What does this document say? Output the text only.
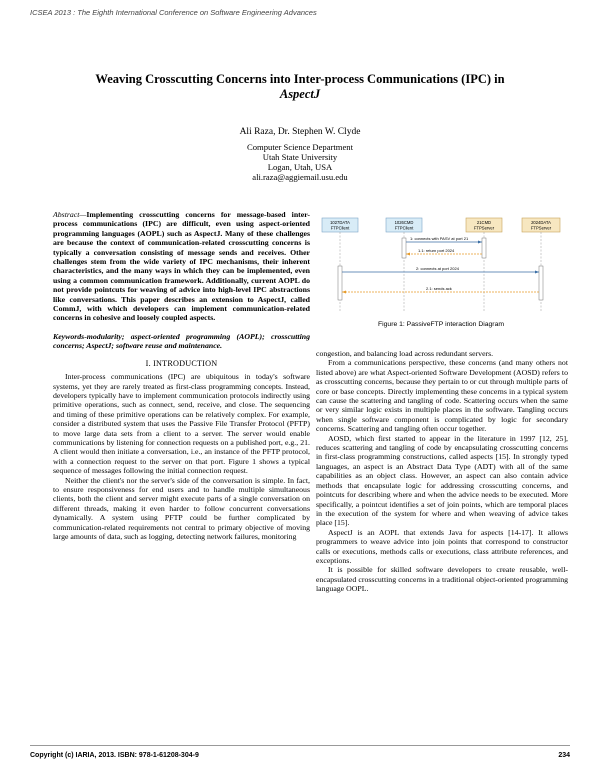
ICSEA 2013 : The Eighth International Conference on Software Engineering Advances
Weaving Crosscutting Concerns into Inter-process Communications (IPC) in
AspectJ
Ali Raza, Dr. Stephen W. Clyde
Computer Science Department
Utah State University
Logan, Utah, USA
ali.raza@aggiemail.usu.edu

Abstract—Implementing crosscutting concerns for message-based inter-process communications (IPC) are difficult, even using aspect-oriented programming languages (AOPL) such as AspectJ. Many of these challenges are because the context of communication-related crosscutting concerns is typically a conversation consisting of message sends and receives. Other challenges stem from the wide variety of IPC mechanisms, their inherent characteristics, and the many ways in which they can be implemented, even using a common communication framework. Additionally, current AOPL do not provide pointcuts for weaving of advice into high-level IPC abstractions like conversations. This paper describes an extension to AspectJ, called CommJ, with which developers can implement communication-related concerns in cohesive and loosely coupled aspects.

Keywords-modularity; aspect-oriented programming (AOPL); crosscutting concerns; AspectJ; software reuse and maintenance.

I. INTRODUCTION

Inter-process communications (IPC) are ubiquitous in today's software systems, yet they are rarely treated as first-class programming concepts. Instead, developers typically have to implement communication protocols indirectly using primitive operations, such as connect, send, receive, and close. The sequencing and timing of these primitive operations can be relatively complex. For example, consider a distributed system that uses the Passive File Transfer Protocol (PFTP) to move large data sets from a client to a server. The server would enable communications by listening for connection requests on a published port, e.g., 21. A client would then initiate a conversation, i.e., an instance of the PFTP protocol, with a connection request to the server on that port. Figure 1 shows a typical sequence of messages following the initial connection request.

Neither the client's nor the server's side of the conversation is simple. In fact, to ensure responsiveness for end users and to handle multiple simultaneous clients, both the client and server might execute parts of a single conversation on different threads, making it even harder to follow concurrent conversations dynamically. A system using PFTP could be further complicated by communication-related requirements not central to primary objective of moving large amounts of data, such as logging, detecting network failures, monitoring

1027DATA
FTPClient
1026CMD
FTPClient
21CMD
FTPServer
2024DATA
FTPServer
1: connects with PASV at port 21
1.1: return port 2024
2: connects at port 2024
2.1: sends ack
Figure 1: PassiveFTP interaction Diagram

congestion, and balancing load across redundant servers.

From a communications perspective, these concerns (and many others not listed above) are what Aspect-oriented Software Development (AOSD) refers to as crosscutting concerns, because they pertain to or cut through multiple parts of core or base concepts. Directly implementing these concerns in a typical system can cause the scattering and tangling of code. Scattering occurs when the same or very similar logic exists in multiple places in the software. Tangling occurs when single software component is complicated by logic for secondary concerns. Scattering and tangling often occur together.

AOSD, which first started to appear in the literature in 1997 [12, 25], reduces scattering and tangling of code by encapsulating crosscutting concerns in first-class programming constructions, called aspects [15]. In strongly typed languages, an aspect is an Abstract Data Type (ADT) with all of the same capabilities as an object class. However, an aspect can also contain advice methods that encapsulate logic for addressing crosscutting concerns, and pointcuts for describing where and when the advice needs to be executed. More specifically, a pointcut identifies a set of join points, which are temporal places in the execution of the system for where and when weaving of advice takes place [15].

AspectJ is an AOPL that extends Java for aspects [14-17]. It allows programmers to weave advice into join points that correspond to constructor calls or executions, methods calls or executions, class attribute references, and exceptions.

It is possible for skilled software developers to create reusable, well-encapsulated crosscutting concerns in a traditional object-oriented programming language OOPL.

Copyright (c) IARIA, 2013. ISBN: 978-1-61208-304-9	234
